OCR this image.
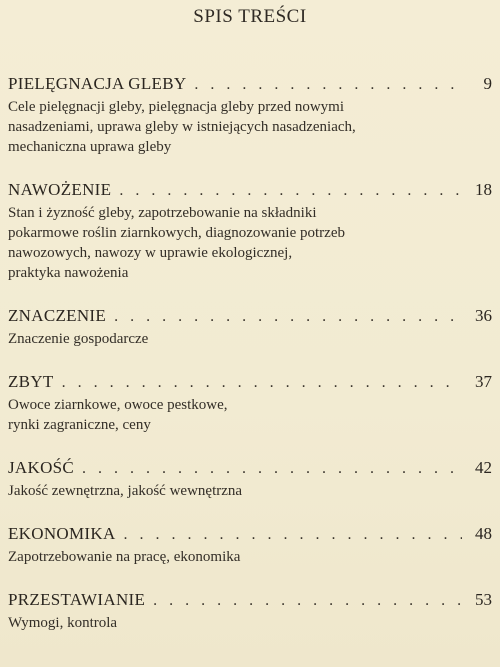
SPIS TREŚCI
PIELĘGNACJA GLEBY . . .	9
Cele pielęgnacji gleby, pielęgnacja gleby przed nowymi
nasadzeniami, uprawa gleby w istniejących nasadzeniach,
mechaniczna uprawa gleby
NAWOŻENIE . . .	18
Stan i żyzność gleby, zapotrzebowanie na składniki
pokarmowe roślin ziarnkowych, diagnozowanie potrzeb
nawozowych, nawozy w uprawie ekologicznej,
praktyka nawożenia
ZNACZENIE . . .	36
Znaczenie gospodarcze
ZBYT . . .	37
Owoce ziarnkowe, owoce pestkowe,
rynki zagraniczne, ceny
JAKOŚĆ . . .	42
Jakość zewnętrzna, jakość wewnętrzna
EKONOMIKA . . .	48
Zapotrzebowanie na pracę, ekonomika
PRZESTAWIANIE . . .	53
Wymogi, kontrola
